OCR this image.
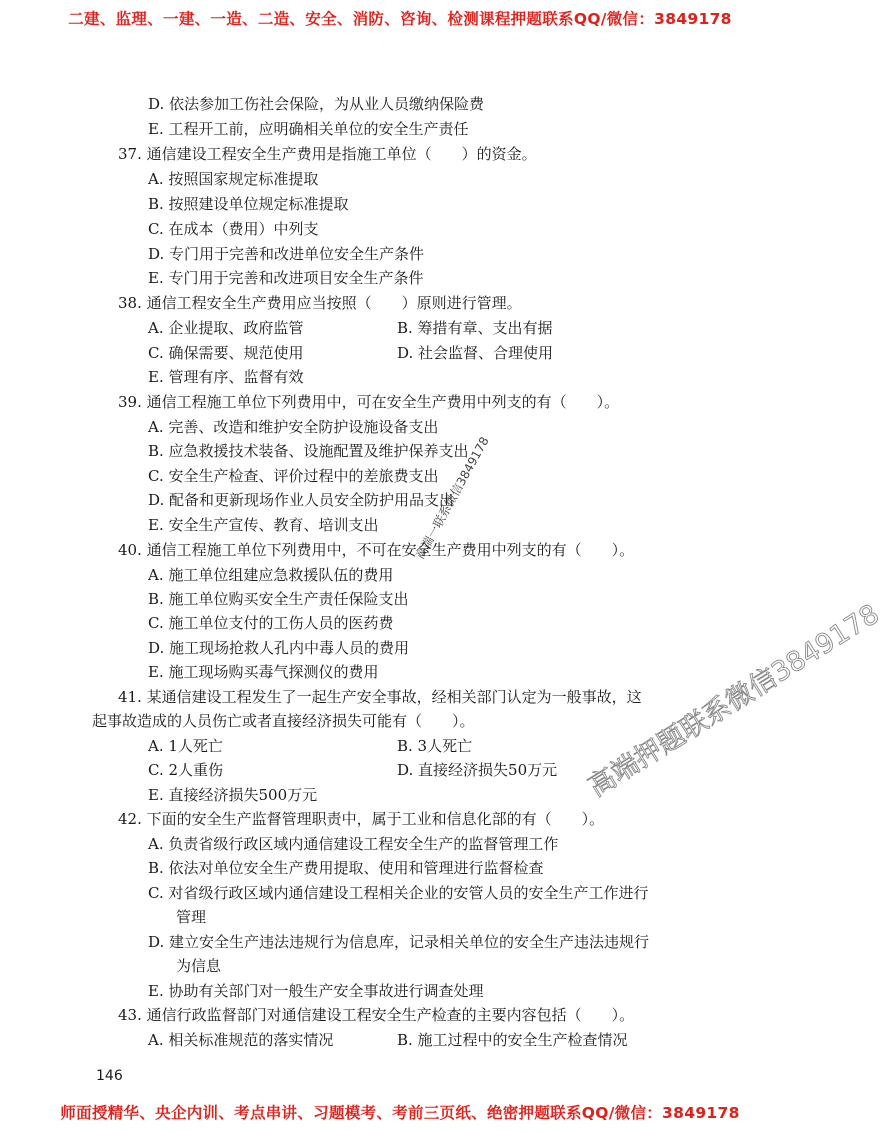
二建、监理、一建、一造、二造、安全、消防、咨询、检测课程押题联系QQ/微信：3849178
D. 依法参加工伤社会保险，为从业人员缴纳保险费
E. 工程开工前，应明确相关单位的安全生产责任
37. 通信建设工程安全生产费用是指施工单位（　　）的资金。
A. 按照国家规定标准提取
B. 按照建设单位规定标准提取
C. 在成本（费用）中列支
D. 专门用于完善和改进单位安全生产条件
E. 专门用于完善和改进项目安全生产条件
38. 通信工程安全生产费用应当按照（　　）原则进行管理。
A. 企业提取、政府监管	B. 筹措有章、支出有据
C. 确保需要、规范使用	D. 社会监督、合理使用
E. 管理有序、监督有效
39. 通信工程施工单位下列费用中，可在安全生产费用中列支的有（　　）。
A. 完善、改造和维护安全防护设施设备支出
B. 应急救援技术装备、设施配置及维护保养支出
C. 安全生产检查、评价过程中的差旅费支出
D. 配备和更新现场作业人员安全防护用品支出
E. 安全生产宣传、教育、培训支出
40. 通信工程施工单位下列费用中，不可在安全生产费用中列支的有（　　）。
A. 施工单位组建应急救援队伍的费用
B. 施工单位购买安全生产责任保险支出
C. 施工单位支付的工伤人员的医药费
D. 施工现场抢救人孔内中毒人员的费用
E. 施工现场购买毒气探测仪的费用
41. 某通信建设工程发生了一起生产安全事故，经相关部门认定为一般事故，这
起事故造成的人员伤亡或者直接经济损失可能有（　　）。
A. 1人死亡	B. 3人死亡
C. 2人重伤	D. 直接经济损失50万元
E. 直接经济损失500万元
42. 下面的安全生产监督管理职责中，属于工业和信息化部的有（　　）。
A. 负责省级行政区域内通信建设工程安全生产的监督管理工作
B. 依法对单位安全生产费用提取、使用和管理进行监督检查
C. 对省级行政区域内通信建设工程相关企业的安管人员的安全生产工作进行
管理
D. 建立安全生产违法违规行为信息库，记录相关单位的安全生产违法违规行
为信息
E. 协助有关部门对一般生产安全事故进行调查处理
43. 通信行政监督部门对通信建设工程安全生产检查的主要内容包括（　　）。
A. 相关标准规范的落实情况	B. 施工过程中的安全生产检查情况
146
师面授精华、央企内训、考点串讲、习题模考、考前三页纸、绝密押题联系QQ/微信：3849178
高端一联系微信3849178
高端押题联系微信3849178
